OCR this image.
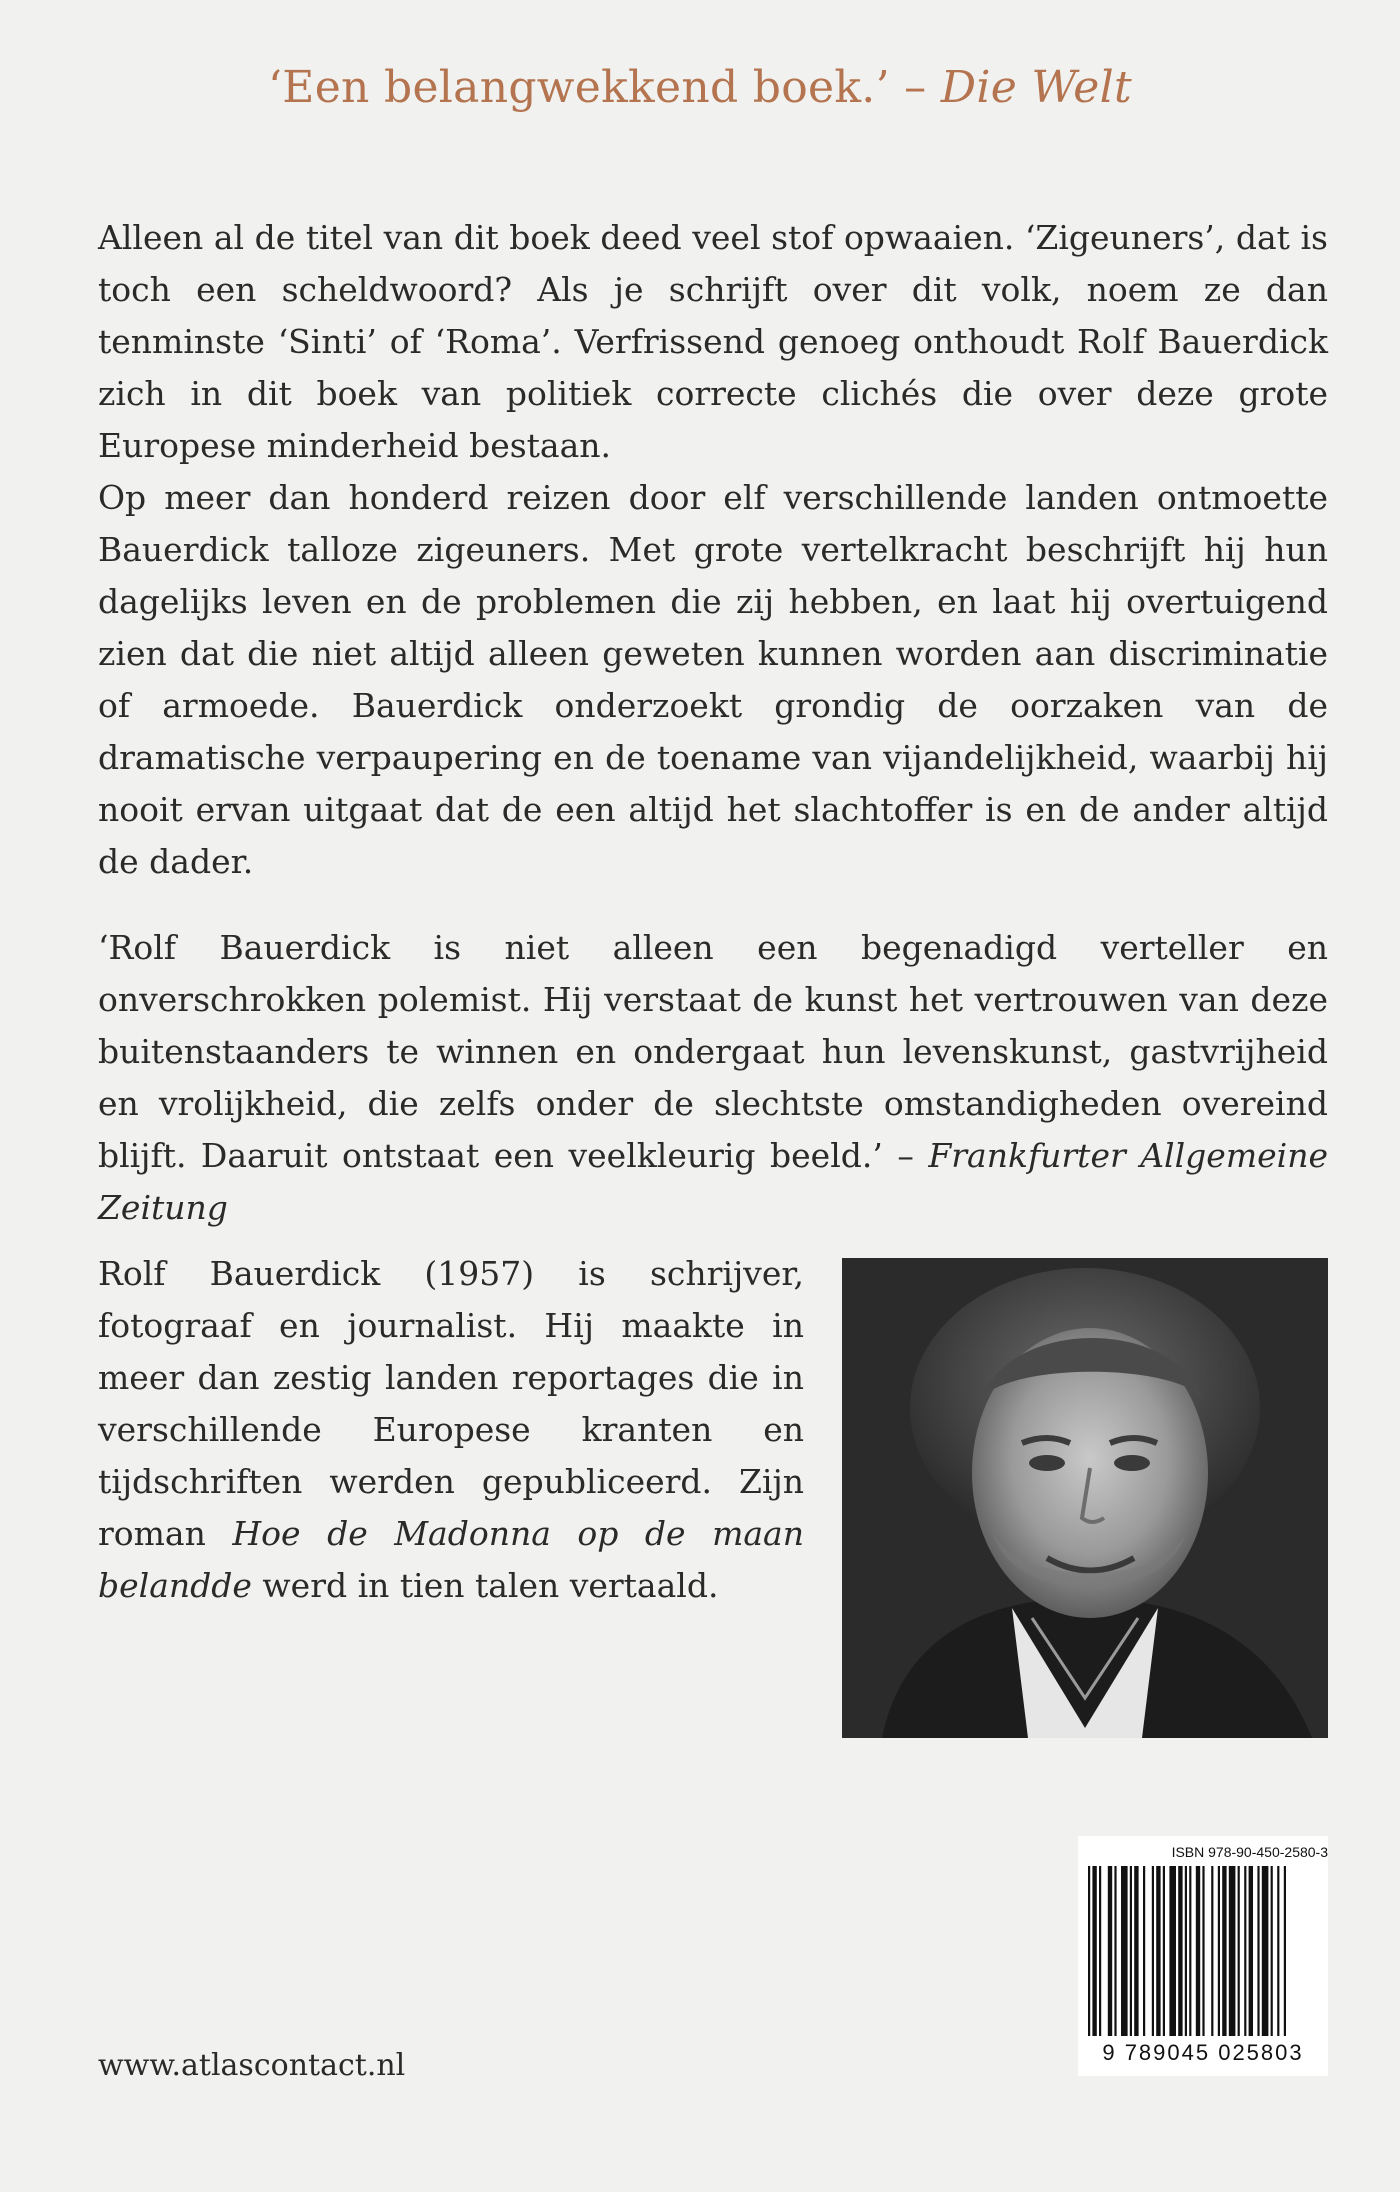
‘Een belangwekkend boek.’ – Die Welt

Alleen al de titel van dit boek deed veel stof opwaaien. ‘Zigeuners’, dat is toch een scheldwoord? Als je schrijft over dit volk, noem ze dan tenminste ‘Sinti’ of ‘Roma’. Verfrissend genoeg onthoudt Rolf Bauerdick zich in dit boek van politiek correcte clichés die over deze grote Europese minderheid bestaan.

Op meer dan honderd reizen door elf verschillende landen ontmoette Bauerdick talloze zigeuners. Met grote vertelkracht beschrijft hij hun dagelijks leven en de problemen die zij hebben, en laat hij overtuigend zien dat die niet altijd alleen geweten kunnen worden aan discriminatie of armoede. Bauerdick onderzoekt grondig de oorzaken van de dramatische verpaupering en de toename van vijandelijkheid, waarbij hij nooit ervan uitgaat dat de een altijd het slachtoffer is en de ander altijd de dader.

‘Rolf Bauerdick is niet alleen een begenadigd verteller en onverschrokken polemist. Hij verstaat de kunst het vertrouwen van deze buitenstaanders te winnen en ondergaat hun levenskunst, gastvrijheid en vrolijkheid, die zelfs onder de slechtste omstandigheden overeind blijft. Daaruit ontstaat een veelkleurig beeld.’ – Frankfurter Allgemeine Zeitung

Rolf Bauerdick (1957) is schrijver, fotograaf en journalist. Hij maakte in meer dan zestig landen reportages die in verschillende Europese kranten en tijdschriften werden gepubliceerd. Zijn roman Hoe de Madonna op de maan belandde werd in tien talen vertaald.

ISBN 978-90-450-2580-3
9 789045 025803
www.atlascontact.nl
